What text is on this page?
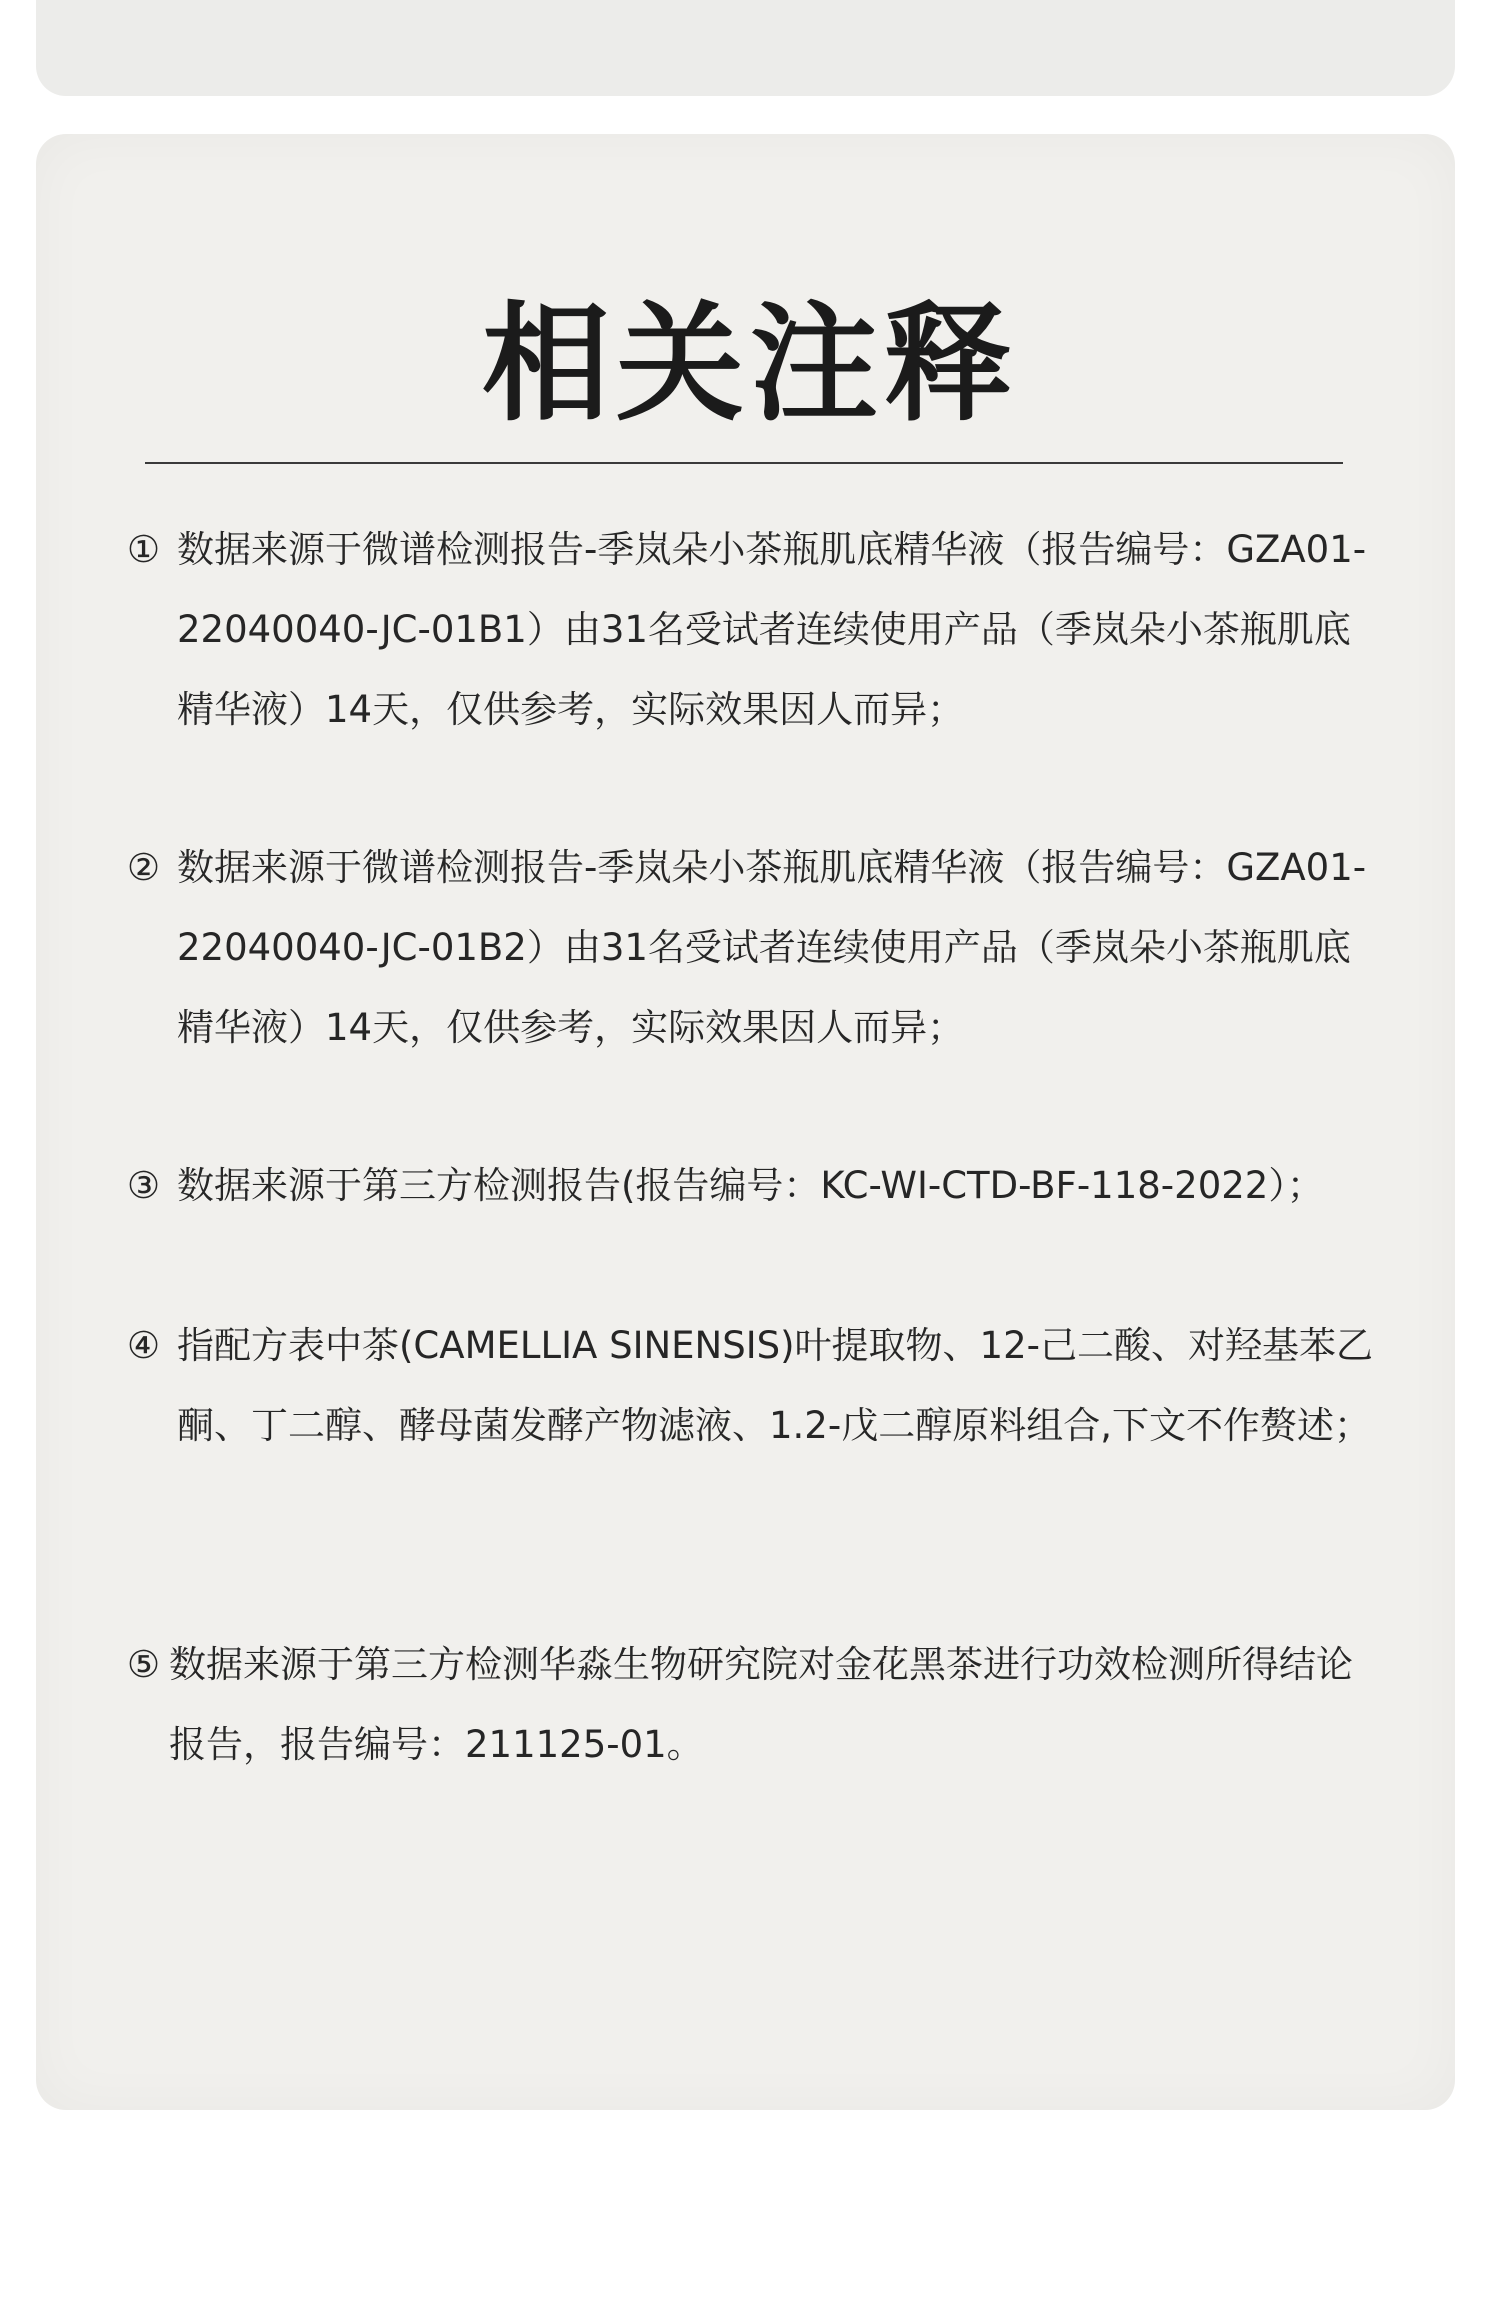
相关注释
① 数据来源于微谱检测报告-季岚朵小茶瓶肌底精华液（报告编号：GZA01-22040040-JC-01B1）由31名受试者连续使用产品（季岚朵小茶瓶肌底精华液）14天，仅供参考，实际效果因人而异；
② 数据来源于微谱检测报告-季岚朵小茶瓶肌底精华液（报告编号：GZA01-22040040-JC-01B2）由31名受试者连续使用产品（季岚朵小茶瓶肌底精华液）14天，仅供参考，实际效果因人而异；
③ 数据来源于第三方检测报告(报告编号：KC-WI-CTD-BF-118-2022）；
④ 指配方表中茶(CAMELLIA SINENSIS)叶提取物、12-己二酸、对羟基苯乙酮、丁二醇、酵母菌发酵产物滤液、1.2-戊二醇原料组合,下文不作赘述；
⑤ 数据来源于第三方检测华淼生物研究院对金花黑茶进行功效检测所得结论报告，报告编号：211125-01。
